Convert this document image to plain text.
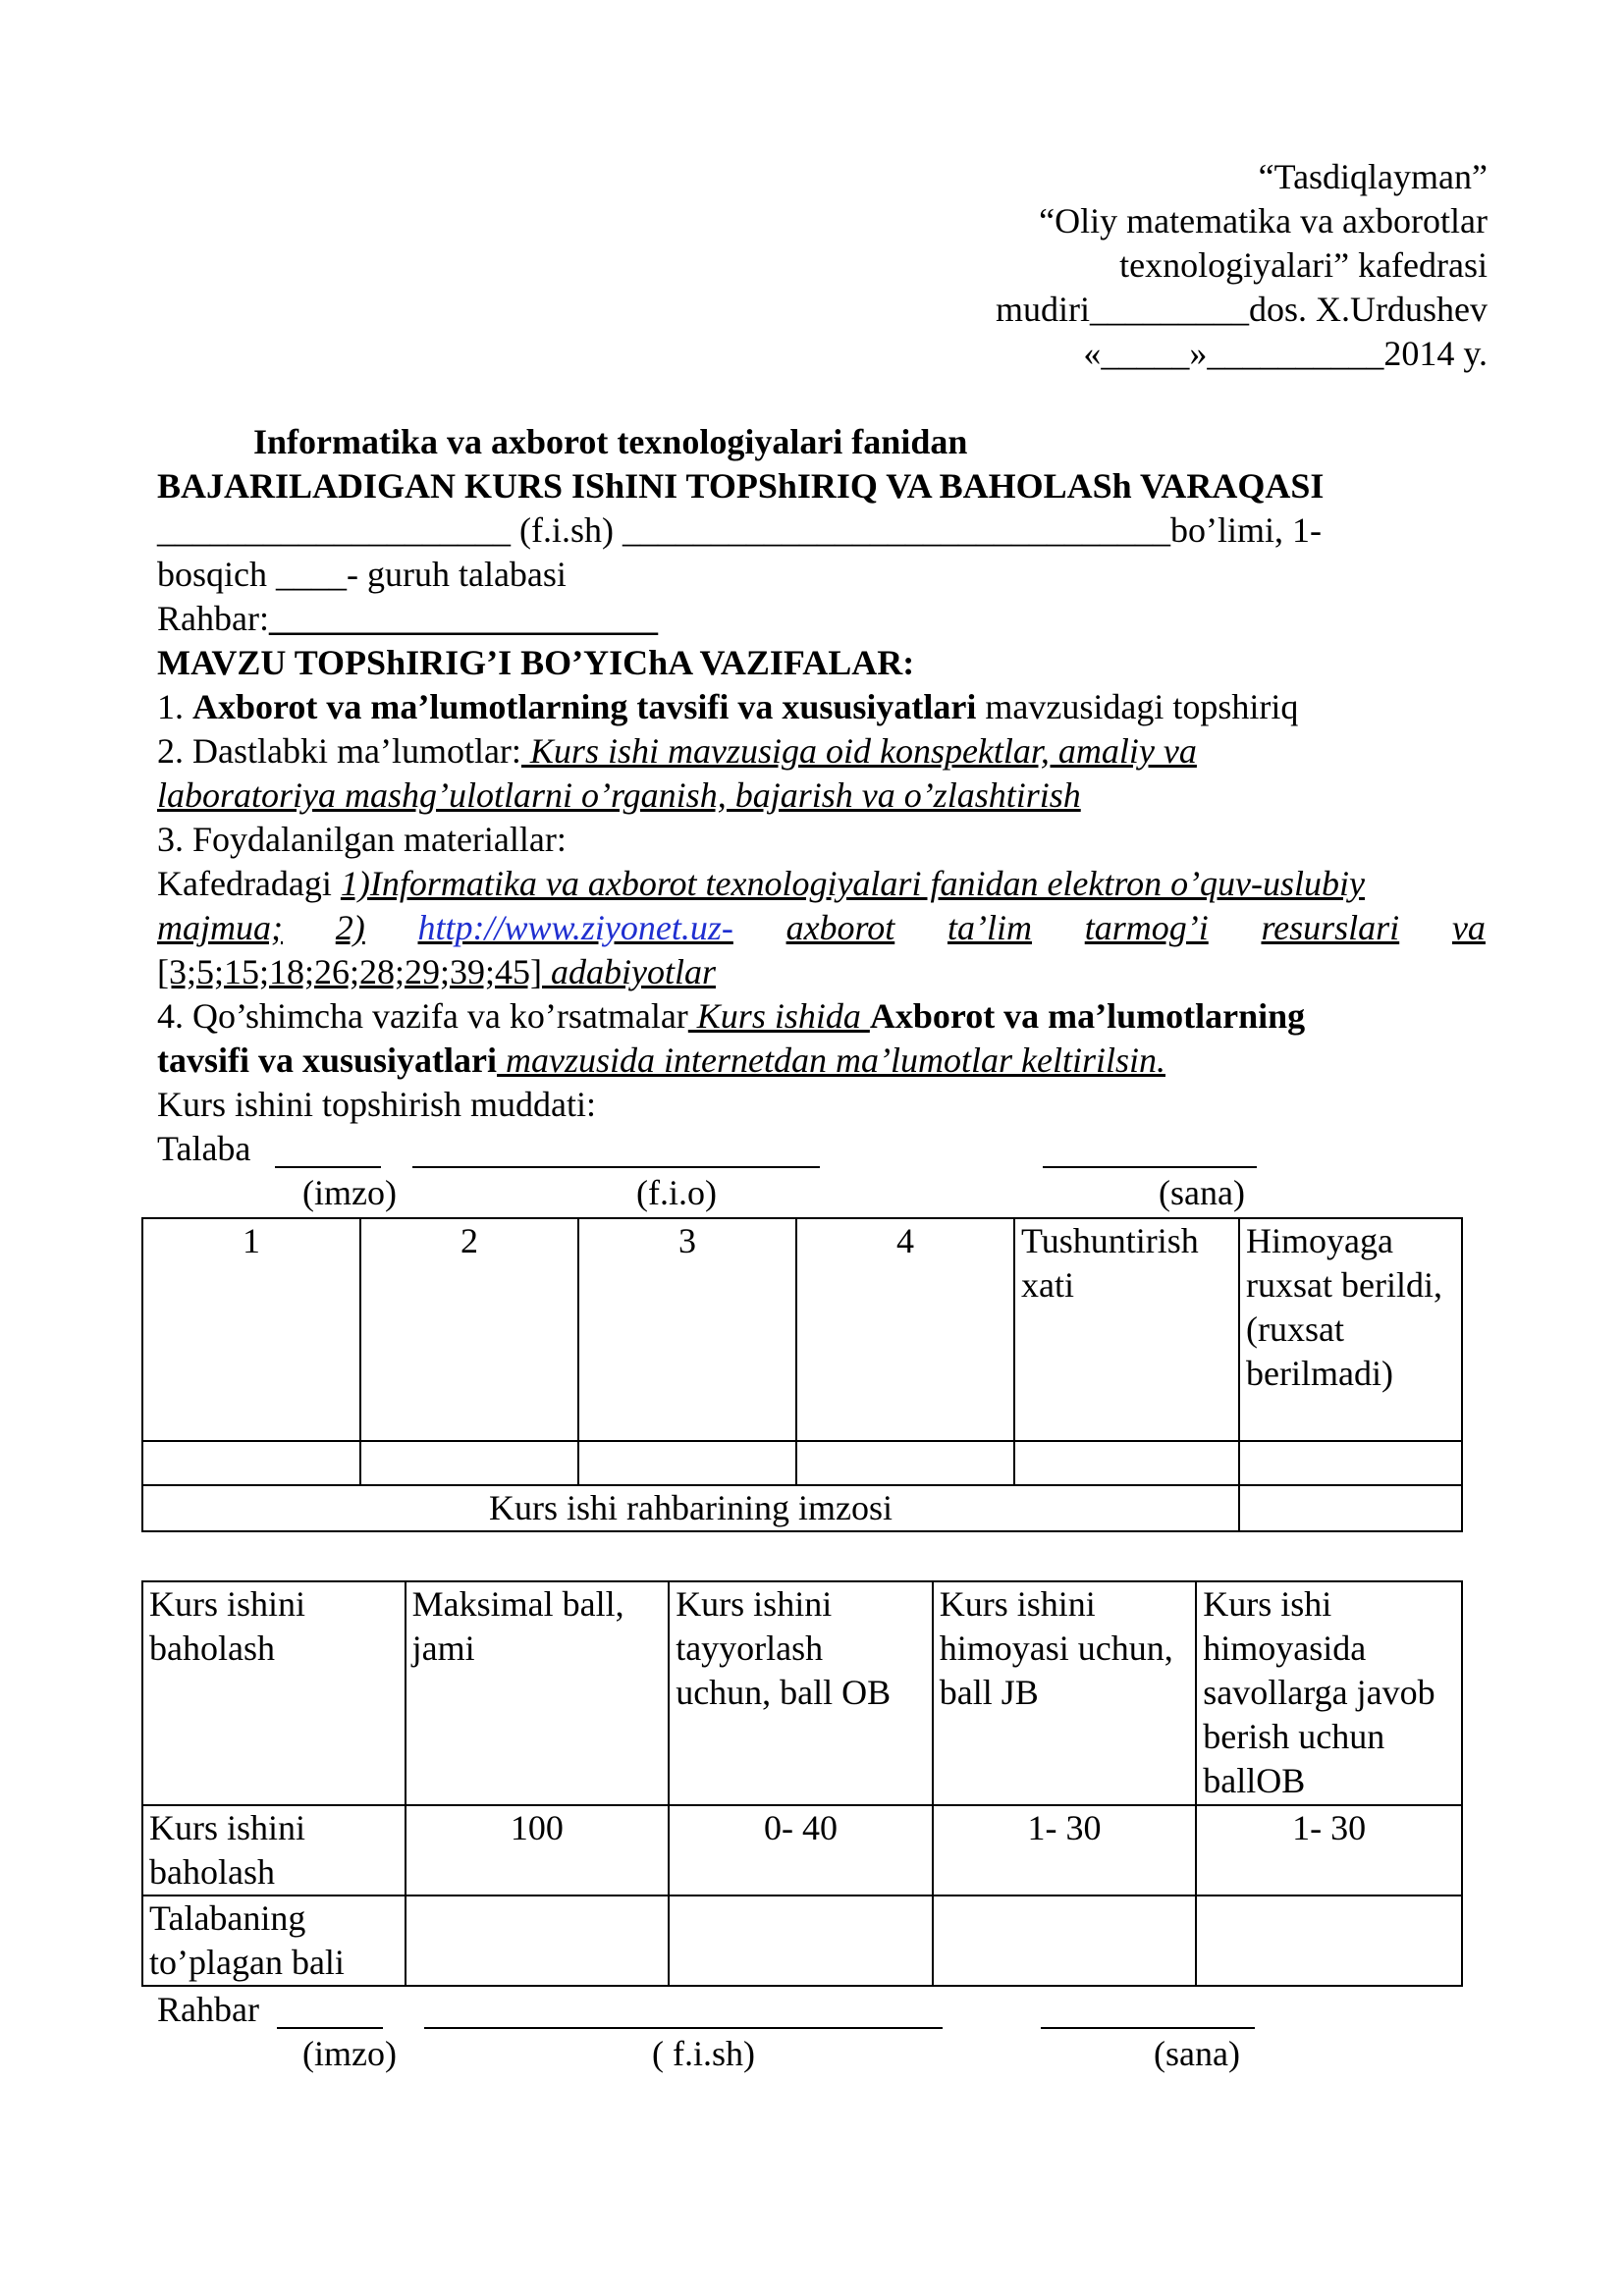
“Tasdiqlayman”
“Oliy matematika va axborotlar
texnologiyalari” kafedrasi
mudiri_________dos. X.Urdushev
«_____»__________2014 y.
Informatika va axborot texnologiyalari fanidan
BAJARILADIGAN KURS IShINI TOPShIRIQ VA BAHOLASh VARAQASI
____________________ (f.i.sh) _______________________________bo’limi, 1-
bosqich ____- guruh talabasi
Rahbar:______________________
MAVZU TOPShIRIG’I BO’YIChA VAZIFALAR:
1. Axborot va ma’lumotlarning tavsifi va xususiyatlari mavzusidagi topshiriq
2. Dastlabki ma’lumotlar: Kurs ishi mavzusiga oid konspektlar, amaliy va
laboratoriya mashg’ulotlarni o’rganish, bajarish va o’zlashtirish
3. Foydalanilgan materiallar:
Kafedradagi 1)Informatika va axborot texnologiyalari fanidan elektron o’quv-uslubiy
majmua; 2) http://www.ziyonet.uz- axborot ta’lim tarmog’i resurslari va
[3;5;15;18;26;28;29;39;45] adabiyotlar
4. Qo’shimcha vazifa va ko’rsatmalar Kurs ishida Axborot va ma’lumotlarning
tavsifi va xususiyatlari mavzusida internetdan ma’lumotlar keltirilsin.
Kurs ishini topshirish muddati:
Talaba
(imzo)	(f.i.o)	(sana)
1	2	3	4	Tushuntirish xati	Himoyaga ruxsat berildi, (ruxsat berilmadi)

Kurs ishi rahbarining imzosi					
Kurs ishini baholash	Maksimal ball, jami	Kurs ishini tayyorlash uchun, ball OB	Kurs ishini himoyasi uchun, ball JB	Kurs ishi himoyasida savollarga javob berish uchun ballOB
Kurs ishini baholash	100	0- 40	1- 30	1- 30
Talabaning to’plagan bali				
Rahbar
(imzo)	( f.i.sh)	(sana)
